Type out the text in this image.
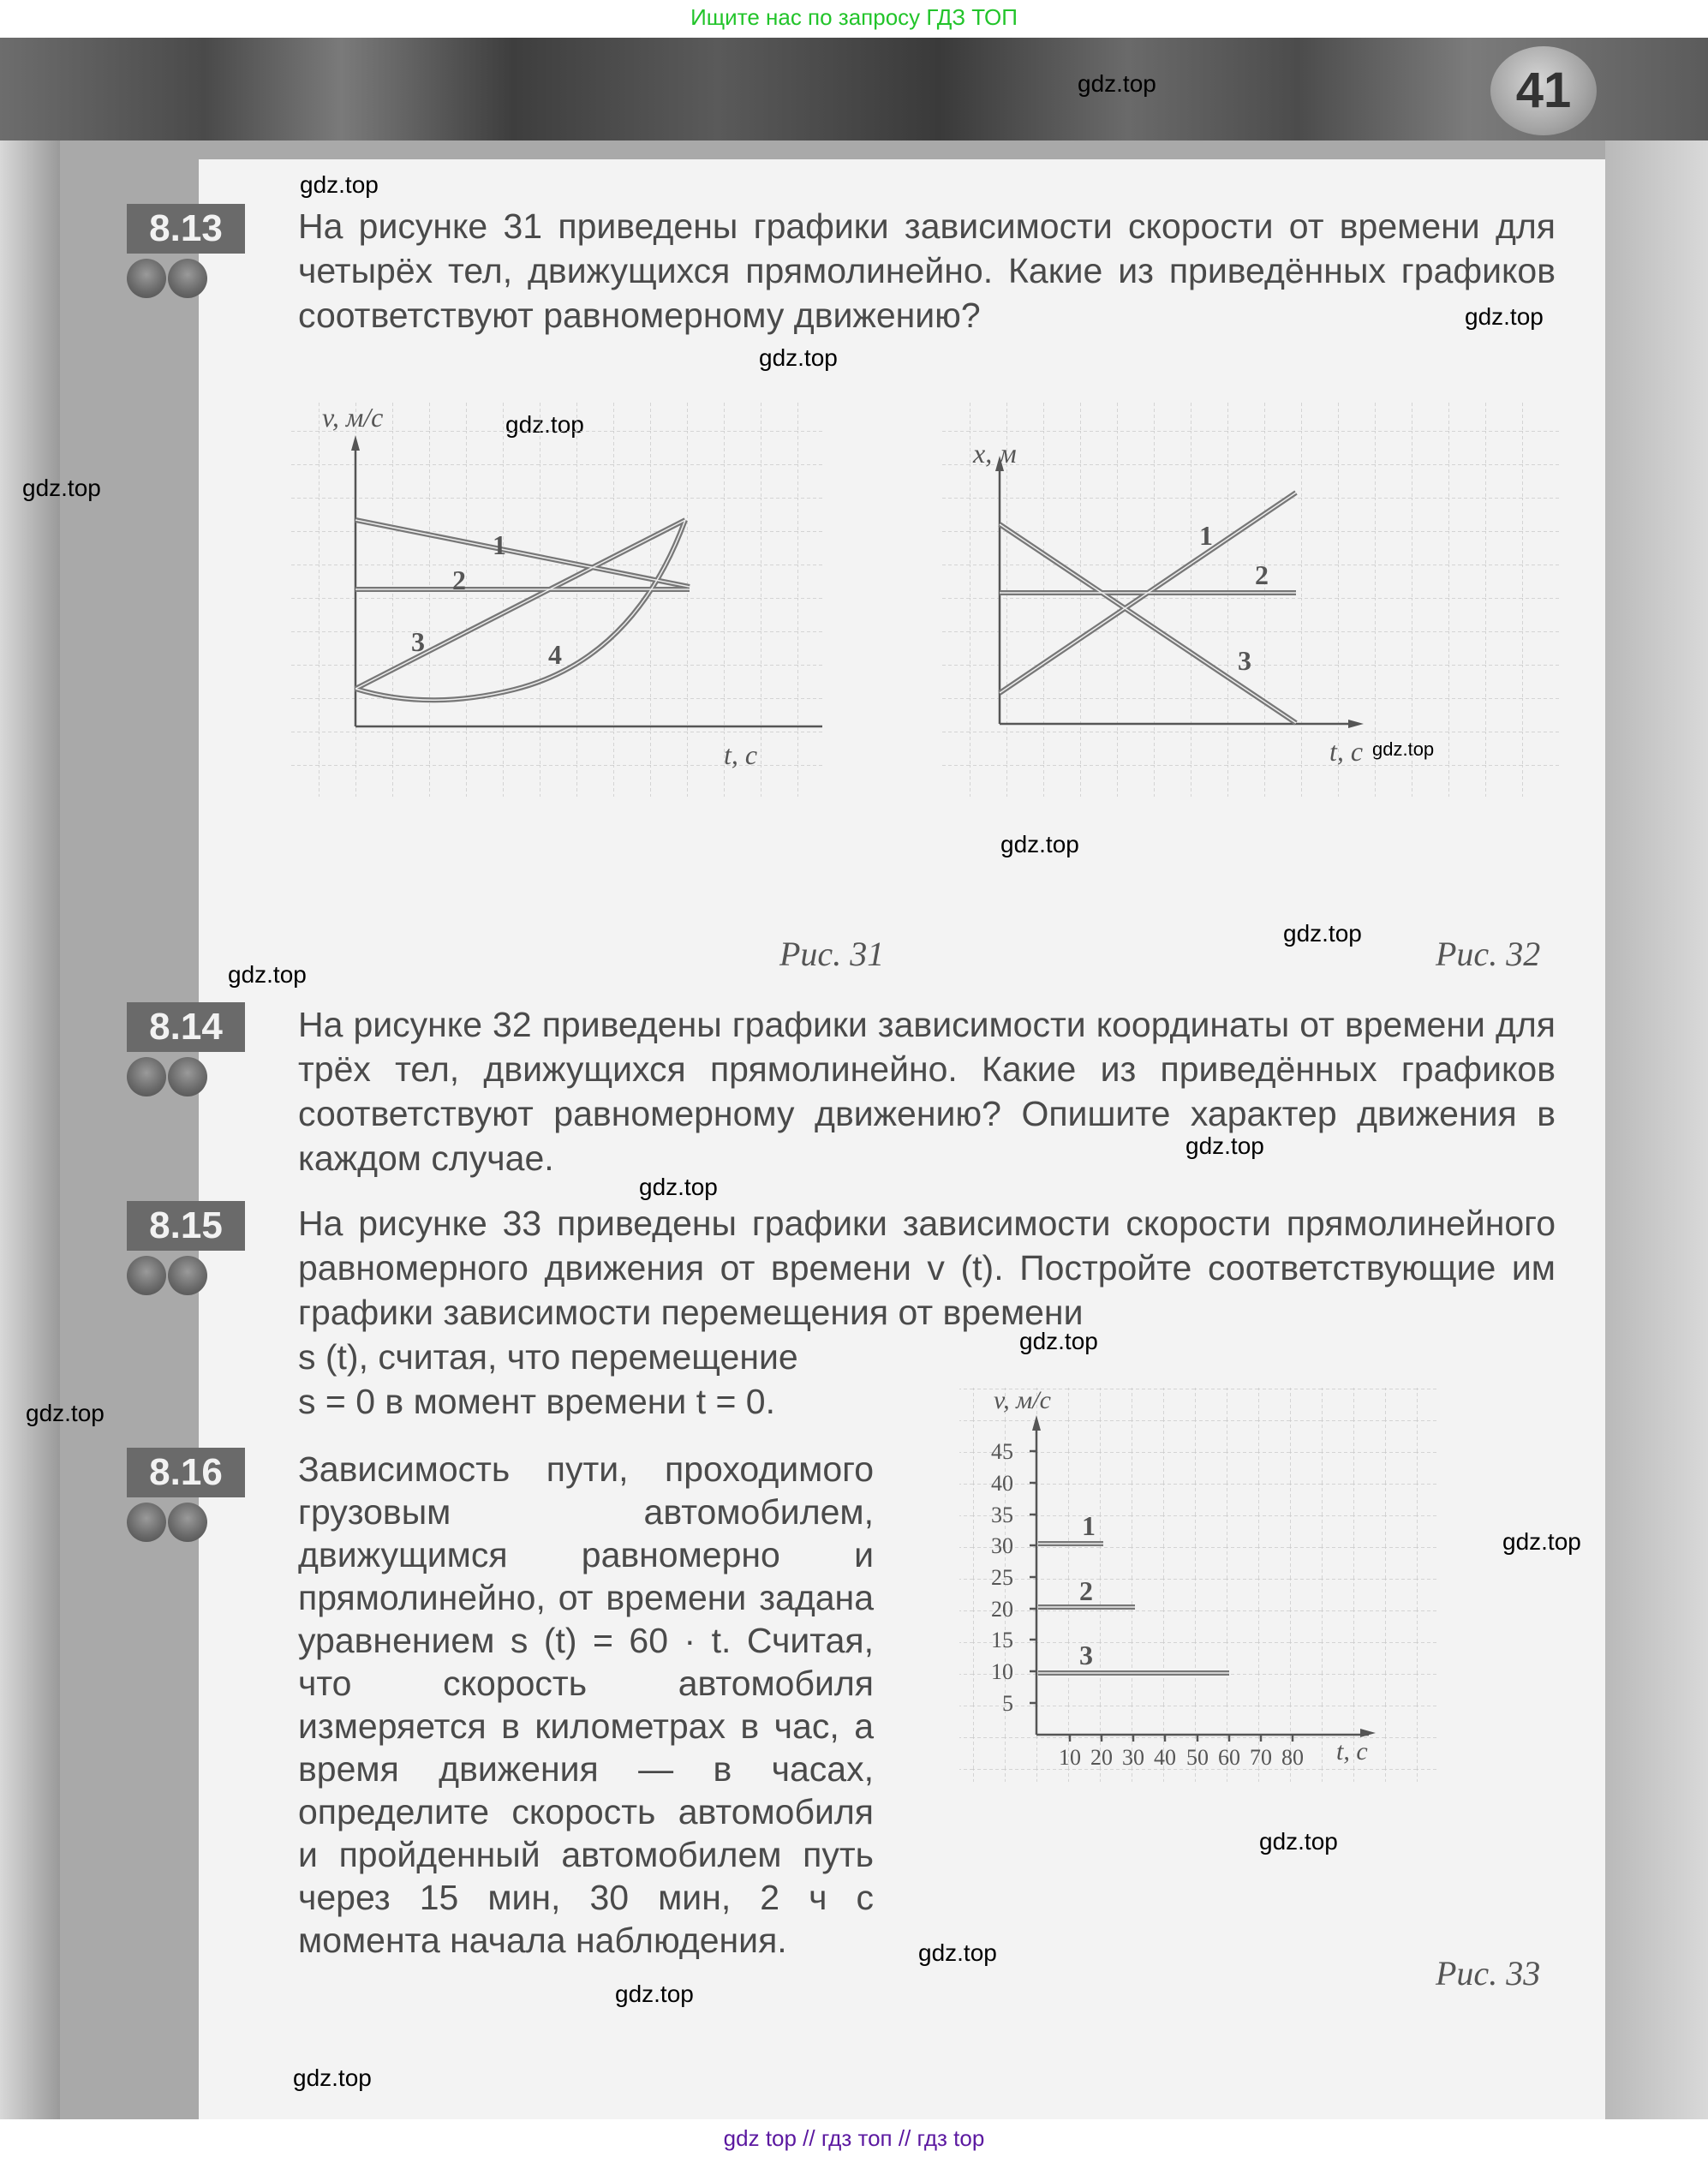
Ищите нас по запросу ГДЗ ТОП
41
gdz.top
gdz.top
gdz.top
gdz.top
gdz.top
gdz.top
gdz.top
gdz.top
gdz.top
gdz.top
gdz.top
gdz.top
gdz.top
gdz.top
gdz.top
gdz.top
gdz.top
8.13	На рисунке 31 приведены графики зависимости скорости от времени для четырёх тел, движущихся прямолинейно. Какие из приведённых графиков соответствуют равномерному движению?
1
2
3	4
v, м/с
t, с
Рис. 31
1
2
3
x, м
t, с
Рис. 32
8.14	На рисунке 32 приведены графики зависимости координаты от времени для трёх тел, движущихся прямолинейно. Какие из приведённых графиков соответствуют равномерному движению? Опишите характер движения в каждом случае.
8.15	На рисунке 33 приведены графики зависимости скорости прямолинейного равномерного движения от времени v (t). Постройте соответствующие им графики зависимости перемещения от времени
s (t), считая, что перемещение
s = 0 в момент времени t = 0.
8.16	Зависимость пути, проходимого грузовым автомобилем, движущимся равномерно и прямолинейно, от времени задана уравнением s (t) = 60 · t. Считая, что скорость автомобиля измеряется в километрах в час, а время движения — в часах, определите скорость автомобиля и пройденный автомобилем путь через 15 мин, 30 мин, 2 ч с момента начала наблюдения.
45
40
35
30
25
20
15
10
5
10 20 30 40 50 60 70 80
1
2
3
v, м/с
t, с
Рис. 33
gdz top // гдз топ // гдз top
